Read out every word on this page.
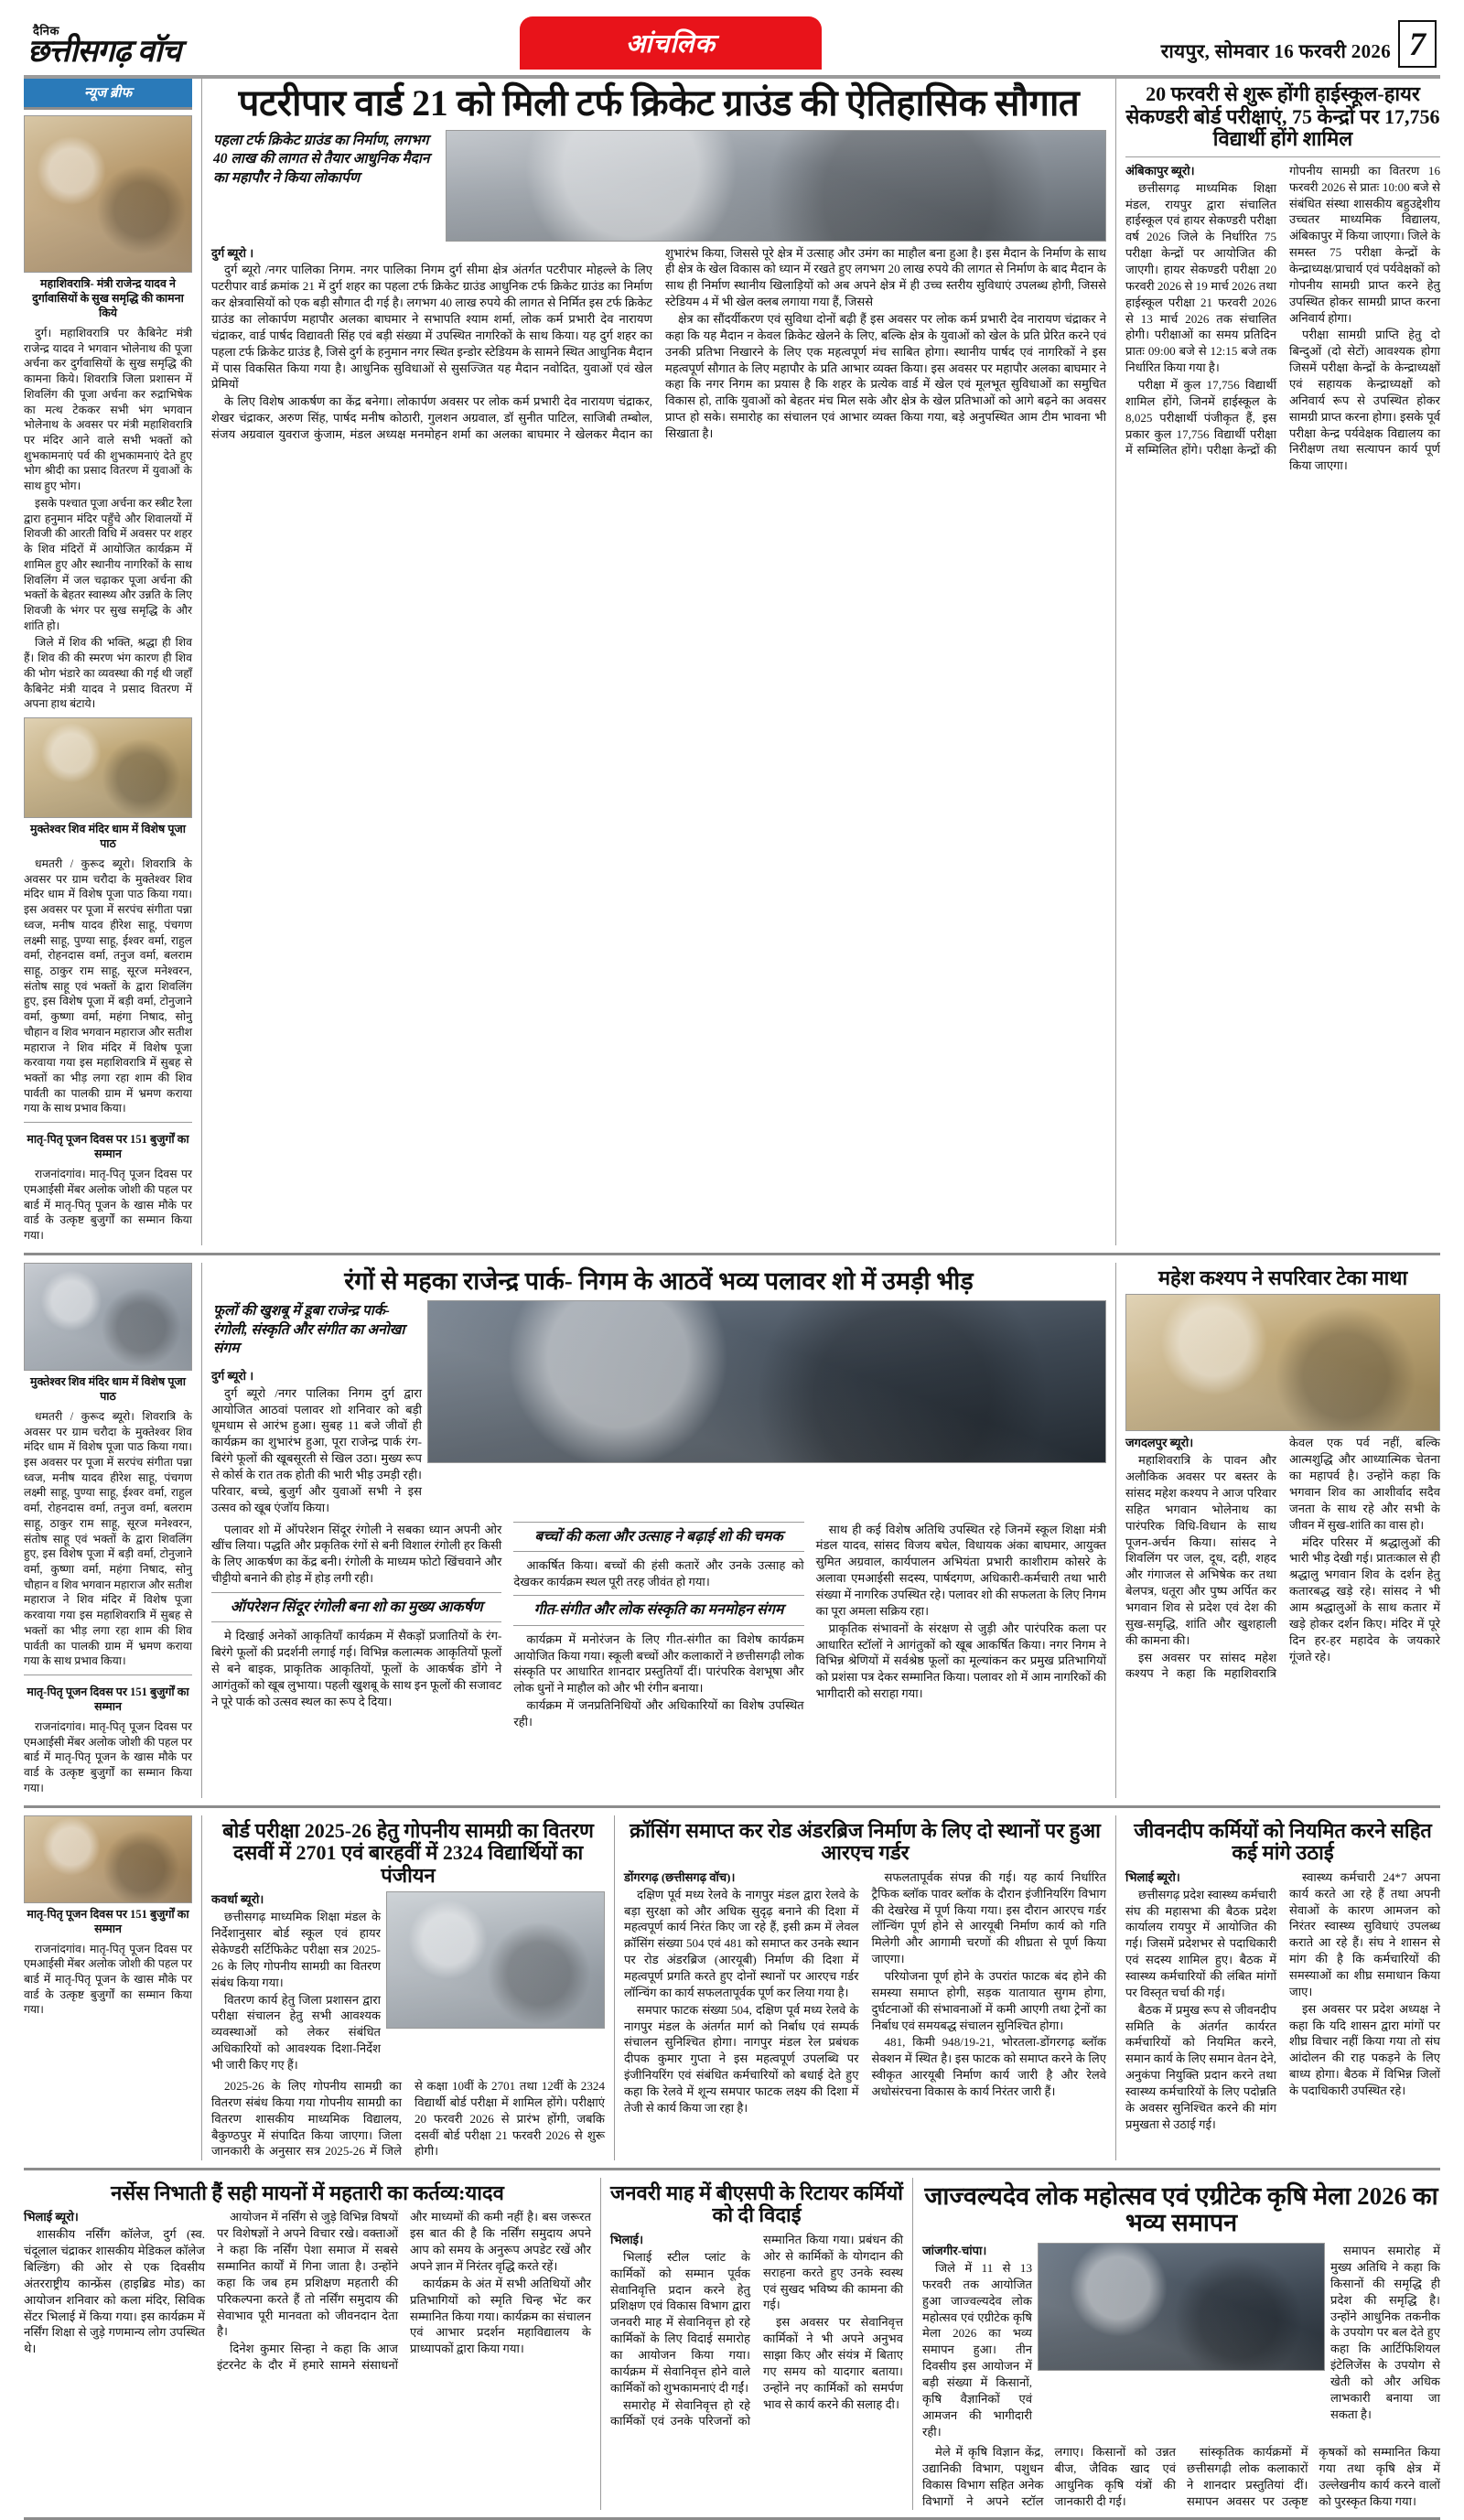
दैनिक
छत्तीसगढ़ वॉच	आंचलिक	रायपुर, सोमवार 16 फरवरी 2026 7
न्यूज ब्रीफ
महाशिवरात्रि- मंत्री राजेन्द्र यादव ने दुर्गावासियों के सुख समृद्धि की कामना किये

दुर्ग। महाशिवरात्रि पर कैबिनेट मंत्री राजेन्द्र यादव ने भगवान भोलेनाथ की पूजा अर्चना कर दुर्गवासियों के सुख समृद्धि की कामना किये। शिवरात्रि जिला प्रशासन में शिवलिंग की पूजा अर्चना कर रुद्राभिषेक का मत्थ टेककर सभी भंग भगवान भोलेनाथ के अवसर पर मंत्री महाशिवरात्रि पर मंदिर आने वाले सभी भक्तों को शुभकामनाएं पर्व की शुभकामनाएं देते हुए भोग श्रीदी का प्रसाद वितरण में युवाओं के साथ हुए भोग।

इसके पश्चात पूजा अर्चना कर स्त्रीट रैला द्वारा हनुमान मंदिर पहुँचे और शिवालयों में शिवजी की आरती विधि में अवसर पर शहर के शिव मंदिरों में आयोजित कार्यक्रम में शामिल हुए और स्थानीय नागरिकों के साथ शिवलिंग में जल चढ़ाकर पूजा अर्चना की भक्तों के बेहतर स्वास्थ्य और उन्नति के लिए शिवजी के भंगर पर सुख समृद्धि के और शांति हो।

जिले में शिव की भक्ति, श्रद्धा ही शिव हैं। शिव की की स्मरण भंग कारण ही शिव की भोग भंडारे का व्यवस्था की गई थी जहाँ कैबिनेट मंत्री यादव ने प्रसाद वितरण में अपना हाथ बंटाये।

मुक्तेश्वर शिव मंदिर धाम में विशेष पूजा पाठ

धमतरी / कुरूद ब्यूरो। शिवरात्रि के अवसर पर ग्राम चरौदा के मुक्तेश्वर शिव मंदिर धाम में विशेष पूजा पाठ किया गया। इस अवसर पर पूजा में सरपंच संगीता पन्ना ध्वज, मनीष यादव हीरेश साहू, पंचगण लक्ष्मी साहू, पुण्या साहू, ईश्वर वर्मा, राहुल वर्मा, रोहनदास वर्मा, तनुज वर्मा, बलराम साहू, ठाकुर राम साहू, सूरज मनेश्वरन, संतोष साहू एवं भक्तों के द्वारा शिवलिंग हुए, इस विशेष पूजा में बड़ी वर्मा, टोनुजाने वर्मा, कुष्णा वर्मा, महंगा निषाद, सोनु चौहान व शिव भगवान महाराज और सतीश महाराज ने शिव मंदिर में विशेष पूजा करवाया गया इस महाशिवरात्रि में सुबह से भक्तों का भीड़ लगा रहा शाम की शिव पार्वती का पालकी ग्राम में भ्रमण कराया गया के साथ प्रभाव किया।

मातृ-पितृ पूजन दिवस पर 151 बुजुर्गों का सम्मान

राजनांदगांव। मातृ-पितृ पूजन दिवस पर एमआईसी मेंबर अलोक जोशी की पहल पर बार्ड में मातृ-पितृ पूजन के खास मौके पर वार्ड के उत्कृष्ट बुजुर्गों का सम्मान किया गया।

पटरीपार वार्ड 21 को मिली टर्फ क्रिकेट ग्राउंड की ऐतिहासिक सौगात
पहला टर्फ क्रिकेट ग्राउंड का निर्माण, लगभग 40 लाख की लागत से तैयार आधुनिक मैदान का महापौर ने किया लोकार्पण

दुर्ग ब्यूरो ।

दुर्ग ब्यूरो /नगर पालिका निगम. नगर पालिका निगम दुर्ग सीमा क्षेत्र अंतर्गत पटरीपार मोहल्ले के लिए पटरीपार वार्ड क्रमांक 21 में दुर्ग शहर का पहला टर्फ क्रिकेट ग्राउंड आधुनिक टर्फ क्रिकेट ग्राउंड का निर्माण कर क्षेत्रवासियों को एक बड़ी सौगात दी गई है। लगभग 40 लाख रुपये की लागत से निर्मित इस टर्फ क्रिकेट ग्राउंड का लोकार्पण महापौर अलका बाघमार ने सभापति श्याम शर्मा, लोक कर्म प्रभारी देव नारायण चंद्राकर, वार्ड पार्षद विद्यावती सिंह एवं बड़ी संख्या में उपस्थित नागरिकों के साथ किया। यह दुर्ग शहर का पहला टर्फ क्रिकेट ग्राउंड है, जिसे दुर्ग के हनुमान नगर स्थित इन्डोर स्टेडियम के सामने स्थित आधुनिक मैदान में पास विकसित किया गया है। आधुनिक सुविधाओं से सुसज्जित यह मैदान नवोदित, युवाओं एवं खेल प्रेमियों

के लिए विशेष आकर्षण का केंद्र बनेगा। लोकार्पण अवसर पर लोक कर्म प्रभारी देव नारायण चंद्राकर, शेखर चंद्राकर, अरुण सिंह, पार्षद मनीष कोठारी, गुलशन अग्रवाल, डॉ सुनीत पाटिल, साजिबी तम्बोल, संजय अग्रवाल युवराज कुंजाम, मंडल अध्यक्ष मनमोहन शर्मा का अलका बाघमार ने खेलकर मैदान का शुभारंभ किया, जिससे पूरे क्षेत्र में उत्साह और उमंग का माहौल बना हुआ है। इस मैदान के निर्माण के साथ ही क्षेत्र के खेल विकास को ध्यान में रखते हुए लगभग 20 लाख रुपये की लागत से निर्माण के बाद मैदान के साथ ही निर्माण स्थानीय खिलाड़ियों को अब अपने क्षेत्र में ही उच्च स्तरीय सुविधाएं उपलब्ध होगी, जिससे स्टेडियम 4 में भी खेल क्लब लगाया गया हैं, जिससे

क्षेत्र का सौंदर्यीकरण एवं सुविधा दोनों बढ़ी हैं इस अवसर पर लोक कर्म प्रभारी देव नारायण चंद्राकर ने कहा कि यह मैदान न केवल क्रिकेट खेलने के लिए, बल्कि क्षेत्र के युवाओं को खेल के प्रति प्रेरित करने एवं उनकी प्रतिभा निखारने के लिए एक महत्वपूर्ण मंच साबित होगा। स्थानीय पार्षद एवं नागरिकों ने इस महत्वपूर्ण सौगात के लिए महापौर के प्रति आभार व्यक्त किया। इस अवसर पर महापौर अलका बाघमार ने कहा कि नगर निगम का प्रयास है कि शहर के प्रत्येक वार्ड में खेल एवं मूलभूत सुविधाओं का समुचित विकास हो, ताकि युवाओं को बेहतर मंच मिल सके और क्षेत्र के खेल प्रतिभाओं को आगे बढ़ने का अवसर प्राप्त हो सके। समारोह का संचालन एवं आभार व्यक्त किया गया, बड़े अनुपस्थित आम टीम भावना भी सिखाता है।

20 फरवरी से शुरू होंगी हाईस्कूल-हायर सेकण्डरी बोर्ड परीक्षाएं, 75 केन्द्रों पर 17,756 विद्यार्थी होंगे शामिल

अंबिकापुर ब्यूरो।

छत्तीसगढ़ माध्यमिक शिक्षा मंडल, रायपुर द्वारा संचालित हाईस्कूल एवं हायर सेकण्डरी परीक्षा वर्ष 2026 जिले के निर्धारित 75 परीक्षा केन्द्रों पर आयोजित की जाएगी। हायर सेकण्डरी परीक्षा 20 फरवरी 2026 से 19 मार्च 2026 तथा हाईस्कूल परीक्षा 21 फरवरी 2026 से 13 मार्च 2026 तक संचालित होगी। परीक्षाओं का समय प्रतिदिन प्रातः 09:00 बजे से 12:15 बजे तक निर्धारित किया गया है।

परीक्षा में कुल 17,756 विद्यार्थी शामिल होंगे, जिनमें हाईस्कूल के 8,025 परीक्षार्थी पंजीकृत हैं, इस प्रकार कुल 17,756 विद्यार्थी परीक्षा में सम्मिलित होंगे। परीक्षा केन्द्रों की गोपनीय सामग्री का वितरण 16 फरवरी 2026 से प्रातः 10:00 बजे से संबंधित संस्था शासकीय बहुउद्देशीय उच्चतर माध्यमिक विद्यालय, अंबिकापुर में किया जाएगा। जिले के समस्त 75 परीक्षा केन्द्रों के केन्द्राध्यक्ष/प्राचार्य एवं पर्यवेक्षकों को गोपनीय सामग्री प्राप्त करने हेतु उपस्थित होकर सामग्री प्राप्त करना अनिवार्य होगा।

परीक्षा सामग्री प्राप्ति हेतु दो बिन्दुओं (दो सेटों) आवश्यक होगा जिसमें परीक्षा केन्द्रों के केन्द्राध्यक्षों एवं सहायक केन्द्राध्यक्षों को अनिवार्य रूप से उपस्थित होकर सामग्री प्राप्त करना होगा। इसके पूर्व परीक्षा केन्द्र पर्यवेक्षक विद्यालय का निरीक्षण तथा सत्यापन कार्य पूर्ण किया जाएगा।

मुक्तेश्वर शिव मंदिर धाम में विशेष पूजा पाठ

धमतरी / कुरूद ब्यूरो। शिवरात्रि के अवसर पर ग्राम चरौदा के मुक्तेश्वर शिव मंदिर धाम में विशेष पूजा पाठ किया गया। इस अवसर पर पूजा में सरपंच संगीता पन्ना ध्वज, मनीष यादव हीरेश साहू, पंचगण लक्ष्मी साहू, पुण्या साहू, ईश्वर वर्मा, राहुल वर्मा, रोहनदास वर्मा, तनुज वर्मा, बलराम साहू, ठाकुर राम साहू, सूरज मनेश्वरन, संतोष साहू एवं भक्तों के द्वारा शिवलिंग हुए, इस विशेष पूजा में बड़ी वर्मा, टोनुजाने वर्मा, कुष्णा वर्मा, महंगा निषाद, सोनु चौहान व शिव भगवान महाराज और सतीश महाराज ने शिव मंदिर में विशेष पूजा करवाया गया इस महाशिवरात्रि में सुबह से भक्तों का भीड़ लगा रहा शाम की शिव पार्वती का पालकी ग्राम में भ्रमण कराया गया के साथ प्रभाव किया।

मातृ-पितृ पूजन दिवस पर 151 बुजुर्गों का सम्मान

राजनांदगांव। मातृ-पितृ पूजन दिवस पर एमआईसी मेंबर अलोक जोशी की पहल पर बार्ड में मातृ-पितृ पूजन के खास मौके पर वार्ड के उत्कृष्ट बुजुर्गों का सम्मान किया गया।

रंगों से महका राजेन्द्र पार्क- निगम के आठवें भव्य पलावर शो में उमड़ी भीड़
फूलों की खुशबू में डूबा राजेन्द्र पार्क-रंगोली, संस्कृति और संगीत का अनोखा संगम

दुर्ग ब्यूरो ।

दुर्ग ब्यूरो /नगर पालिका निगम दुर्ग द्वारा आयोजित आठवां पलावर शो शनिवार को बड़ी धूमधाम से आरंभ हुआ। सुबह 11 बजे जीवों ही कार्यक्रम का शुभारंभ हुआ, पूरा राजेन्द्र पार्क रंग-बिरंगे फूलों की खूबसूरती से खिल उठा। मुख्य रूप से कोर्स के रात तक होती की भारी भीड़ उमड़ी रही। परिवार, बच्चे, बुजुर्ग और युवाओं सभी ने इस उत्सव को खूब एंजॉय किया।

पलावर शो में ऑपरेशन सिंदूर रंगोली ने सबका ध्यान अपनी ओर खींच लिया। पद्धति और प्रकृतिक रंगों से बनी विशाल रंगोली हर किसी के लिए आकर्षण का केंद्र बनी। रंगोली के माध्यम फोटो खिंचवाने और चीट्टीयो बनाने की होड़ में होड़ लगी रही।

ऑपरेशन सिंदूर रंगोली बना शो का मुख्य आकर्षण

मे दिखाई अनेकों आकृतियाँ कार्यक्रम में सैकड़ों प्रजातियों के रंग-बिरंगे फूलों की प्रदर्शनी लगाई गई। विभिन्न कलात्मक आकृतियों फूलों से बने बाइक, प्राकृतिक आकृतियों, फूलों के आकर्षक डोंगे ने आगंतुकों को खूब लुभाया। पहली खुशबू के साथ इन फूलों की सजावट ने पूरे पार्क को उत्सव स्थल का रूप दे दिया।

बच्चों की कला और उत्साह ने बढ़ाई शो की चमक

आकर्षित किया। बच्चों की हंसी कतारें और उनके उत्साह को देखकर कार्यक्रम स्थल पूरी तरह जीवंत हो गया।

गीत-संगीत और लोक संस्कृति का मनमोहन संगम

कार्यक्रम में मनोरंजन के लिए गीत-संगीत का विशेष कार्यक्रम आयोजित किया गया। स्कूली बच्चों और कलाकारों ने छत्तीसगढ़ी लोक संस्कृति पर आधारित शानदार प्रस्तुतियाँ दीं। पारंपरिक वेशभूषा और लोक धुनों ने माहौल को और भी रंगीन बनाया।

कार्यक्रम में जनप्रतिनिधियों और अधिकारियों का विशेष उपस्थित रही।

साथ ही कई विशेष अतिथि उपस्थित रहे जिनमें स्कूल शिक्षा मंत्री मंडल यादव, सांसद विजय बघेल, विधायक अंका बाघमार, आयुक्त सुमित अग्रवाल, कार्यपालन अभियंता प्रभारी काशीराम कोसरे के अलावा एमआईसी सदस्य, पार्षदगण, अधिकारी-कर्मचारी तथा भारी संख्या में नागरिक उपस्थित रहे। पलावर शो की सफलता के लिए निगम का पूरा अमला सक्रिय रहा।

प्राकृतिक संभावनों के संरक्षण से जुड़ी और पारंपरिक कला पर आधारित स्टॉलों ने आगंतुकों को खूब आकर्षित किया। नगर निगम ने विभिन्न श्रेणियों में सर्वश्रेष्ठ फूलों का मूल्यांकन कर प्रमुख प्रतिभागियों को प्रशंसा पत्र देकर सम्मानित किया। पलावर शो में आम नागरिकों की भागीदारी को सराहा गया।

महेश कश्यप ने सपरिवार टेका माथा

जगदलपुर ब्यूरो।

महाशिवरात्रि के पावन और अलौकिक अवसर पर बस्तर के सांसद महेश कश्यप ने आज परिवार सहित भगवान भोलेनाथ का पारंपरिक विधि-विधान के साथ पूजन-अर्चन किया। सांसद ने शिवलिंग पर जल, दूध, दही, शहद और गंगाजल से अभिषेक कर तथा बेलपत्र, धतूरा और पुष्प अर्पित कर भगवान शिव से प्रदेश एवं देश की सुख-समृद्धि, शांति और खुशहाली की कामना की।

इस अवसर पर सांसद महेश कश्यप ने कहा कि महाशिवरात्रि केवल एक पर्व नहीं, बल्कि आत्मशुद्धि और आध्यात्मिक चेतना का महापर्व है। उन्होंने कहा कि भगवान शिव का आशीर्वाद सदैव जनता के साथ रहे और सभी के जीवन में सुख-शांति का वास हो।

मंदिर परिसर में श्रद्धालुओं की भारी भीड़ देखी गई। प्रातःकाल से ही श्रद्धालु भगवान शिव के दर्शन हेतु कतारबद्ध खड़े रहे। सांसद ने भी आम श्रद्धालुओं के साथ कतार में खड़े होकर दर्शन किए। मंदिर में पूरे दिन हर-हर महादेव के जयकारे गूंजते रहे।

मातृ-पितृ पूजन दिवस पर 151 बुजुर्गों का सम्मान

राजनांदगांव। मातृ-पितृ पूजन दिवस पर एमआईसी मेंबर अलोक जोशी की पहल पर बार्ड में मातृ-पितृ पूजन के खास मौके पर वार्ड के उत्कृष्ट बुजुर्गों का सम्मान किया गया।

बोर्ड परीक्षा 2025-26 हेतु गोपनीय सामग्री का वितरण दसवीं में 2701 एवं बारहवीं में 2324 विद्यार्थियों का पंजीयन

कवर्धा ब्यूरो।

छत्तीसगढ़ माध्यमिक शिक्षा मंडल के निर्देशानुसार बोर्ड स्कूल एवं हायर सेकेण्डरी सर्टिफिकेट परीक्षा सत्र 2025-26 के लिए गोपनीय सामग्री का वितरण संबंध किया गया।

वितरण कार्य हेतु जिला प्रशासन द्वारा परीक्षा संचालन हेतु सभी आवश्यक व्यवस्थाओं को लेकर संबंधित अधिकारियों को आवश्यक दिशा-निर्देश भी जारी किए गए हैं।

2025-26 के लिए गोपनीय सामग्री का वितरण संबंध किया गया गोपनीय सामग्री का वितरण शासकीय माध्यमिक विद्यालय, बैकुण्ठपुर में संपादित किया जाएगा। जिला जानकारी के अनुसार सत्र 2025-26 में जिले से कक्षा 10वीं के 2701 तथा 12वीं के 2324 विद्यार्थी बोर्ड परीक्षा में शामिल होंगे। परीक्षाएं 20 फरवरी 2026 से प्रारंभ होंगी, जबकि दसवीं बोर्ड परीक्षा 21 फरवरी 2026 से शुरू होगी।

क्रॉसिंग समाप्त कर रोड अंडरब्रिज निर्माण के लिए दो स्थानों पर हुआ आरएच गर्डर

डोंगरगढ़ (छत्तीसगढ़ वॉच)।

दक्षिण पूर्व मध्य रेलवे के नागपुर मंडल द्वारा रेलवे के बड़ा सुरक्षा को और अधिक सुदृढ़ बनाने की दिशा में महत्वपूर्ण कार्य निरंत किए जा रहे हैं, इसी क्रम में लेवल क्रॉसिंग संख्या 504 एवं 481 को समाप्त कर उनके स्थान पर रोड अंडरब्रिज (आरयूबी) निर्माण की दिशा में महत्वपूर्ण प्रगति करते हुए दोनों स्थानों पर आरएच गर्डर लॉन्चिंग का कार्य सफलतापूर्वक पूर्ण कर लिया गया है।

समपार फाटक संख्या 504, दक्षिण पूर्व मध्य रेलवे के नागपुर मंडल के अंतर्गत मार्ग को निर्बाध एवं सम्पर्क संचालन सुनिश्चित होगा। नागपुर मंडल रेल प्रबंधक दीपक कुमार गुप्ता ने इस महत्वपूर्ण उपलब्धि पर इंजीनियरिंग एवं संबंधित कर्मचारियों को बधाई देते हुए कहा कि रेलवे में शून्य समपार फाटक लक्ष्य की दिशा में तेजी से कार्य किया जा रहा है।

सफलतापूर्वक संपन्न की गई। यह कार्य निर्धारित ट्रैफिक ब्लॉक पावर ब्लॉक के दौरान इंजीनियरिंग विभाग की देखरेख में पूर्ण किया गया। इस दौरान आरएच गर्डर लॉन्चिंग पूर्ण होने से आरयूबी निर्माण कार्य को गति मिलेगी और आगामी चरणों की शीघ्रता से पूर्ण किया जाएगा।

परियोजना पूर्ण होने के उपरांत फाटक बंद होने की समस्या समाप्त होगी, सड़क यातायात सुगम होगा, दुर्घटनाओं की संभावनाओं में कमी आएगी तथा ट्रेनों का निर्बाध एवं समयबद्ध संचालन सुनिश्चित होगा।

481, किमी 948/19-21, भोरतला-डोंगरगढ़ ब्लॉक सेक्शन में स्थित है। इस फाटक को समाप्त करने के लिए स्वीकृत आरयूबी निर्माण कार्य जारी है और रेलवे अधोसंरचना विकास के कार्य निरंतर जारी हैं।

जीवनदीप कर्मियों को नियमित करने सहित कई मांगे उठाई

भिलाई ब्यूरो।

छत्तीसगढ़ प्रदेश स्वास्थ्य कर्मचारी संघ की महासभा की बैठक प्रदेश कार्यालय रायपुर में आयोजित की गई। जिसमें प्रदेशभर से पदाधिकारी एवं सदस्य शामिल हुए। बैठक में स्वास्थ्य कर्मचारियों की लंबित मांगों पर विस्तृत चर्चा की गई।

बैठक में प्रमुख रूप से जीवनदीप समिति के अंतर्गत कार्यरत कर्मचारियों को नियमित करने, समान कार्य के लिए समान वेतन देने, अनुकंपा नियुक्ति प्रदान करने तथा स्वास्थ्य कर्मचारियों के लिए पदोन्नति के अवसर सुनिश्चित करने की मांग प्रमुखता से उठाई गई।

स्वास्थ्य कर्मचारी 24*7 अपना कार्य करते आ रहे हैं तथा अपनी सेवाओं के कारण आमजन को निरंतर स्वास्थ्य सुविधाएं उपलब्ध कराते आ रहे हैं। संघ ने शासन से मांग की है कि कर्मचारियों की समस्याओं का शीघ्र समाधान किया जाए।

इस अवसर पर प्रदेश अध्यक्ष ने कहा कि यदि शासन द्वारा मांगों पर शीघ्र विचार नहीं किया गया तो संघ आंदोलन की राह पकड़ने के लिए बाध्य होगा। बैठक में विभिन्न जिलों के पदाधिकारी उपस्थित रहे।

नर्सेस निभाती हैं सही मायनों में महतारी का कर्तव्य:यादव

भिलाई ब्यूरो।

शासकीय नर्सिंग कॉलेज, दुर्ग (स्व. चंदूलाल चंद्राकर शासकीय मेडिकल कॉलेज बिल्डिंग) की ओर से एक दिवसीय अंतरराष्ट्रीय कान्फ्रेंस (हाइब्रिड मोड) का आयोजन शनिवार को कला मंदिर, सिविक सेंटर भिलाई में किया गया। इस कार्यक्रम में नर्सिंग शिक्षा से जुड़े गणमान्य लोग उपस्थित थे।

आयोजन में नर्सिंग से जुड़े विभिन्न विषयों पर विशेषज्ञों ने अपने विचार रखे। वक्ताओं ने कहा कि नर्सिंग पेशा समाज में सबसे सम्मानित कार्यों में गिना जाता है। उन्होंने कहा कि जब हम प्रशिक्षण महतारी की परिकल्पना करते हैं तो नर्सिंग समुदाय की सेवाभाव पूरी मानवता को जीवनदान देता है।

दिनेश कुमार सिन्हा ने कहा कि आज इंटरनेट के दौर में हमारे सामने संसाधनों और माध्यमों की कमी नहीं है। बस जरूरत इस बात की है कि नर्सिंग समुदाय अपने आप को समय के अनुरूप अपडेट रखें और अपने ज्ञान में निरंतर वृद्धि करते रहें।

कार्यक्रम के अंत में सभी अतिथियों और प्रतिभागियों को स्मृति चिन्ह भेंट कर सम्मानित किया गया। कार्यक्रम का संचालन एवं आभार प्रदर्शन महाविद्यालय के प्राध्यापकों द्वारा किया गया।

जनवरी माह में बीएसपी के रिटायर कर्मियों को दी विदाई

भिलाई।

भिलाई स्टील प्लांट के कार्मिकों को सम्मान पूर्वक सेवानिवृत्ति प्रदान करने हेतु प्रशिक्षण एवं विकास विभाग द्वारा जनवरी माह में सेवानिवृत्त हो रहे कार्मिकों के लिए विदाई समारोह का आयोजन किया गया। कार्यक्रम में सेवानिवृत्त होने वाले कार्मिकों को शुभकामनाएं दी गईं।

समारोह में सेवानिवृत्त हो रहे कार्मिकों एवं उनके परिजनों को सम्मानित किया गया। प्रबंधन की ओर से कार्मिकों के योगदान की सराहना करते हुए उनके स्वस्थ एवं सुखद भविष्य की कामना की गई।

इस अवसर पर सेवानिवृत्त कार्मिकों ने भी अपने अनुभव साझा किए और संयंत्र में बिताए गए समय को यादगार बताया। उन्होंने नए कार्मिकों को समर्पण भाव से कार्य करने की सलाह दी।

जाज्वल्यदेव लोक महोत्सव एवं एग्रीटेक कृषि मेला 2026 का भव्य समापन

जांजगीर-चांपा।

जिले में 11 से 13 फरवरी तक आयोजित हुआ जाज्वल्यदेव लोक महोत्सव एवं एग्रीटेक कृषि मेला 2026 का भव्य समापन हुआ। तीन दिवसीय इस आयोजन में बड़ी संख्या में किसानों, कृषि वैज्ञानिकों एवं आमजन की भागीदारी रही।

समापन समारोह में मुख्य अतिथि ने कहा कि किसानों की समृद्धि ही प्रदेश की समृद्धि है। उन्होंने आधुनिक तकनीक के उपयोग पर बल देते हुए कहा कि आर्टिफिशियल इंटेलिजेंस के उपयोग से खेती को और अधिक लाभकारी बनाया जा सकता है।

मेले में कृषि विज्ञान केंद्र, उद्यानिकी विभाग, पशुधन विकास विभाग सहित अनेक विभागों ने अपने स्टॉल लगाए। किसानों को उन्नत बीज, जैविक खाद एवं आधुनिक कृषि यंत्रों की जानकारी दी गई।

सांस्कृतिक कार्यक्रमों में छत्तीसगढ़ी लोक कलाकारों ने शानदार प्रस्तुतियां दीं। समापन अवसर पर उत्कृष्ट कृषकों को सम्मानित किया गया तथा कृषि क्षेत्र में उल्लेखनीय कार्य करने वालों को पुरस्कृत किया गया।
